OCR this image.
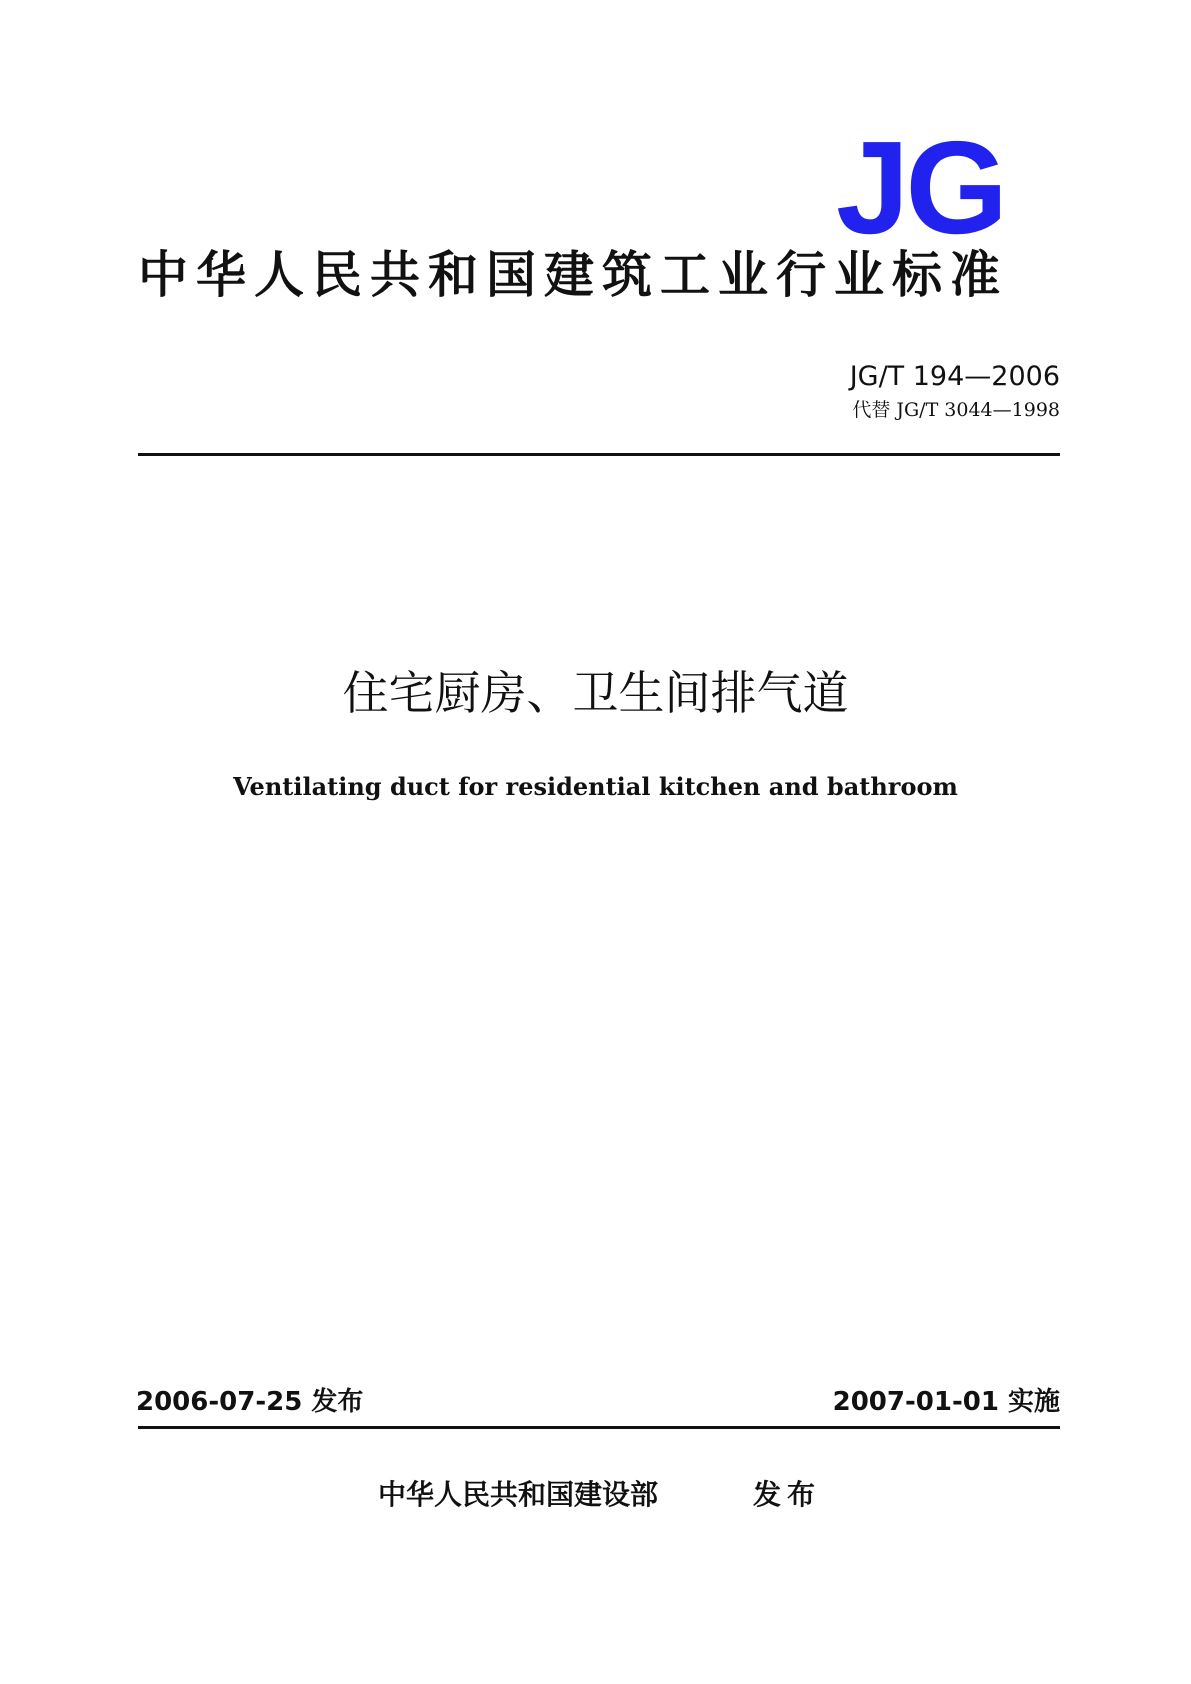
JG
中华人民共和国建筑工业行业标准
JG/T 194—2006
代替 JG/T 3044—1998
住宅厨房、卫生间排气道
Ventilating duct for residential kitchen and bathroom
2006-07-25 发布	2007-01-01 实施
中华人民共和国建设部	发布
